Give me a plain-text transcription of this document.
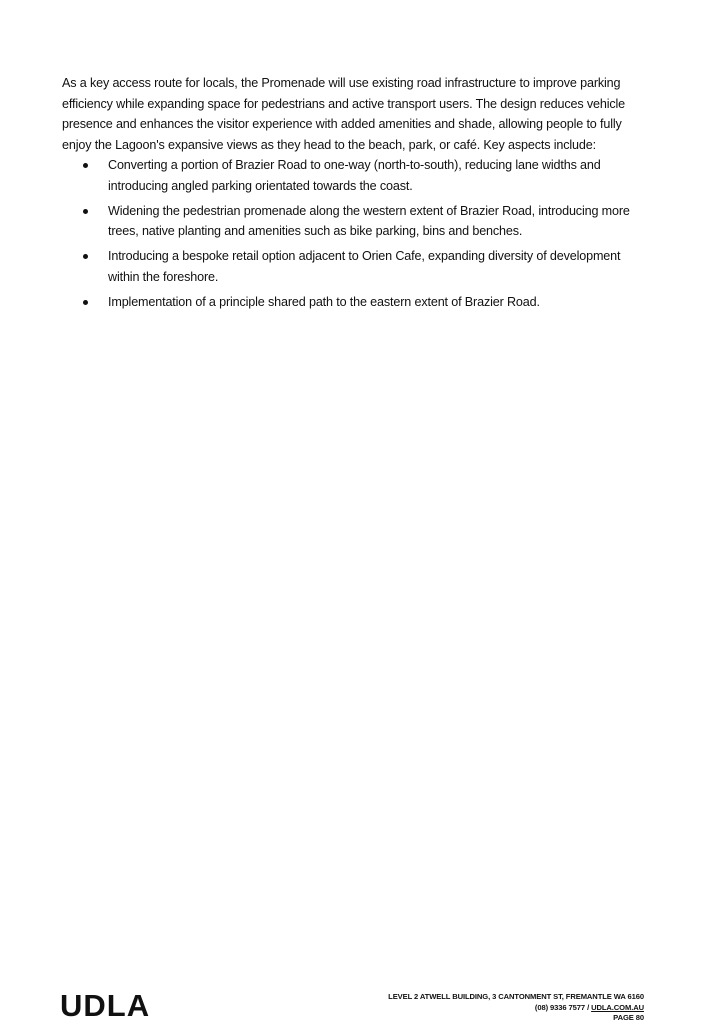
As a key access route for locals, the Promenade will use existing road infrastructure to improve parking efficiency while expanding space for pedestrians and active transport users. The design reduces vehicle presence and enhances the visitor experience with added amenities and shade, allowing people to fully enjoy the Lagoon's expansive views as they head to the beach, park, or café. Key aspects include:

Converting a portion of Brazier Road to one-way (north-to-south), reducing lane widths and introducing angled parking orientated towards the coast.
Widening the pedestrian promenade along the western extent of Brazier Road, introducing more trees, native planting and amenities such as bike parking, bins and benches.
Introducing a bespoke retail option adjacent to Orien Cafe, expanding diversity of development within the foreshore.
Implementation of a principle shared path to the eastern extent of Brazier Road.
UDLA	LEVEL 2 ATWELL BUILDING, 3 CANTONMENT ST, FREMANTLE WA 6160
(08) 9336 7577 / UDLA.COM.AU
PAGE 80
